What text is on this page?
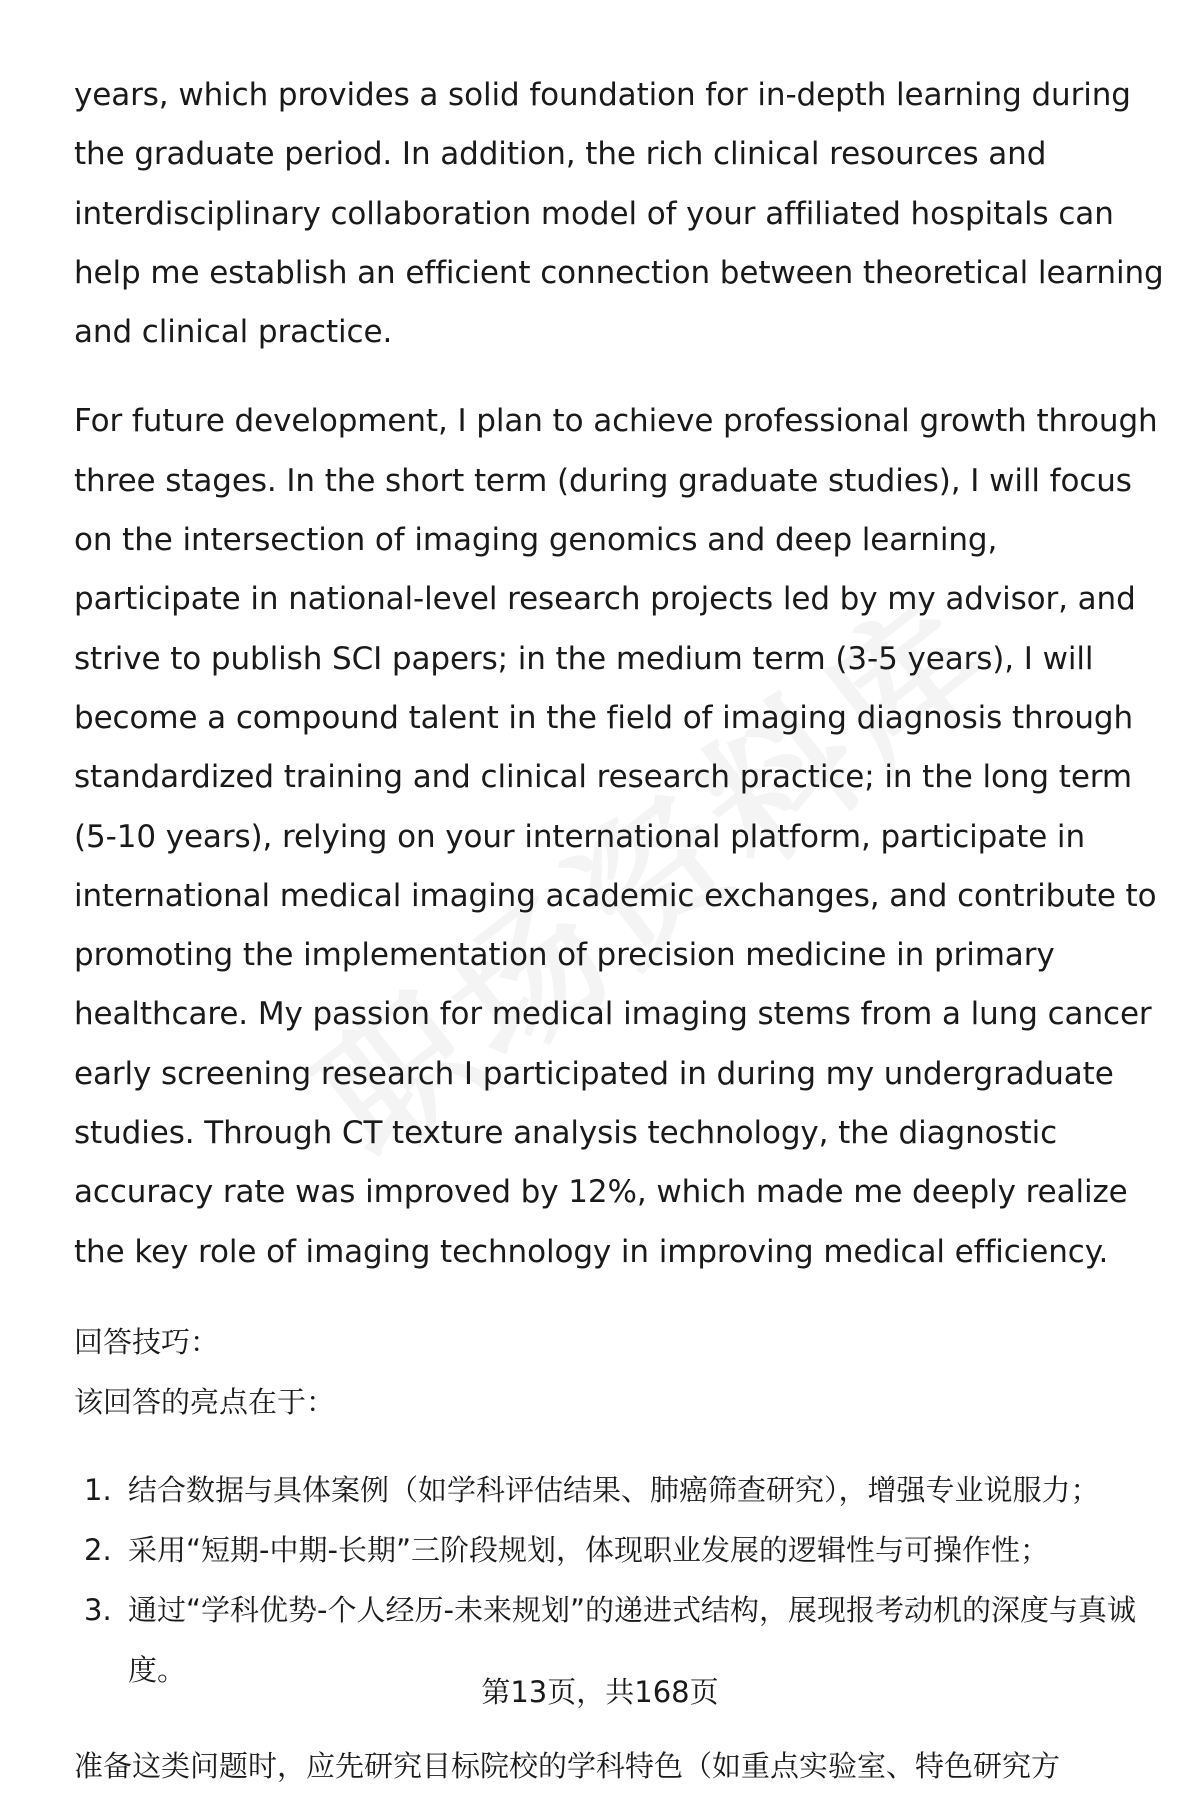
years, which provides a solid foundation for in-depth learning during the graduate period. In addition, the rich clinical resources and interdisciplinary collaboration model of your affiliated hospitals can help me establish an efficient connection between theoretical learning and clinical practice.

For future development, I plan to achieve professional growth through three stages. In the short term (during graduate studies), I will focus on the intersection of imaging genomics and deep learning, participate in national-level research projects led by my advisor, and strive to publish SCI papers; in the medium term (3-5 years), I will become a compound talent in the field of imaging diagnosis through standardized training and clinical research practice; in the long term (5-10 years), relying on your international platform, participate in international medical imaging academic exchanges, and contribute to promoting the implementation of precision medicine in primary healthcare. My passion for medical imaging stems from a lung cancer early screening research I participated in during my undergraduate studies. Through CT texture analysis technology, the diagnostic accuracy rate was improved by 12%, which made me deeply realize the key role of imaging technology in improving medical efficiency.

回答技巧：

该回答的亮点在于：

1. 结合数据与具体案例（如学科评估结果、肺癌筛查研究），增强专业说服力；
2. 采用“短期-中期-长期”三阶段规划，体现职业发展的逻辑性与可操作性；
3. 通过“学科优势-个人经历-未来规划”的递进式结构，展现报考动机的深度与真诚度。

准备这类问题时，应先研究目标院校的学科特色（如重点实验室、特色研究方

第13页，共168页
